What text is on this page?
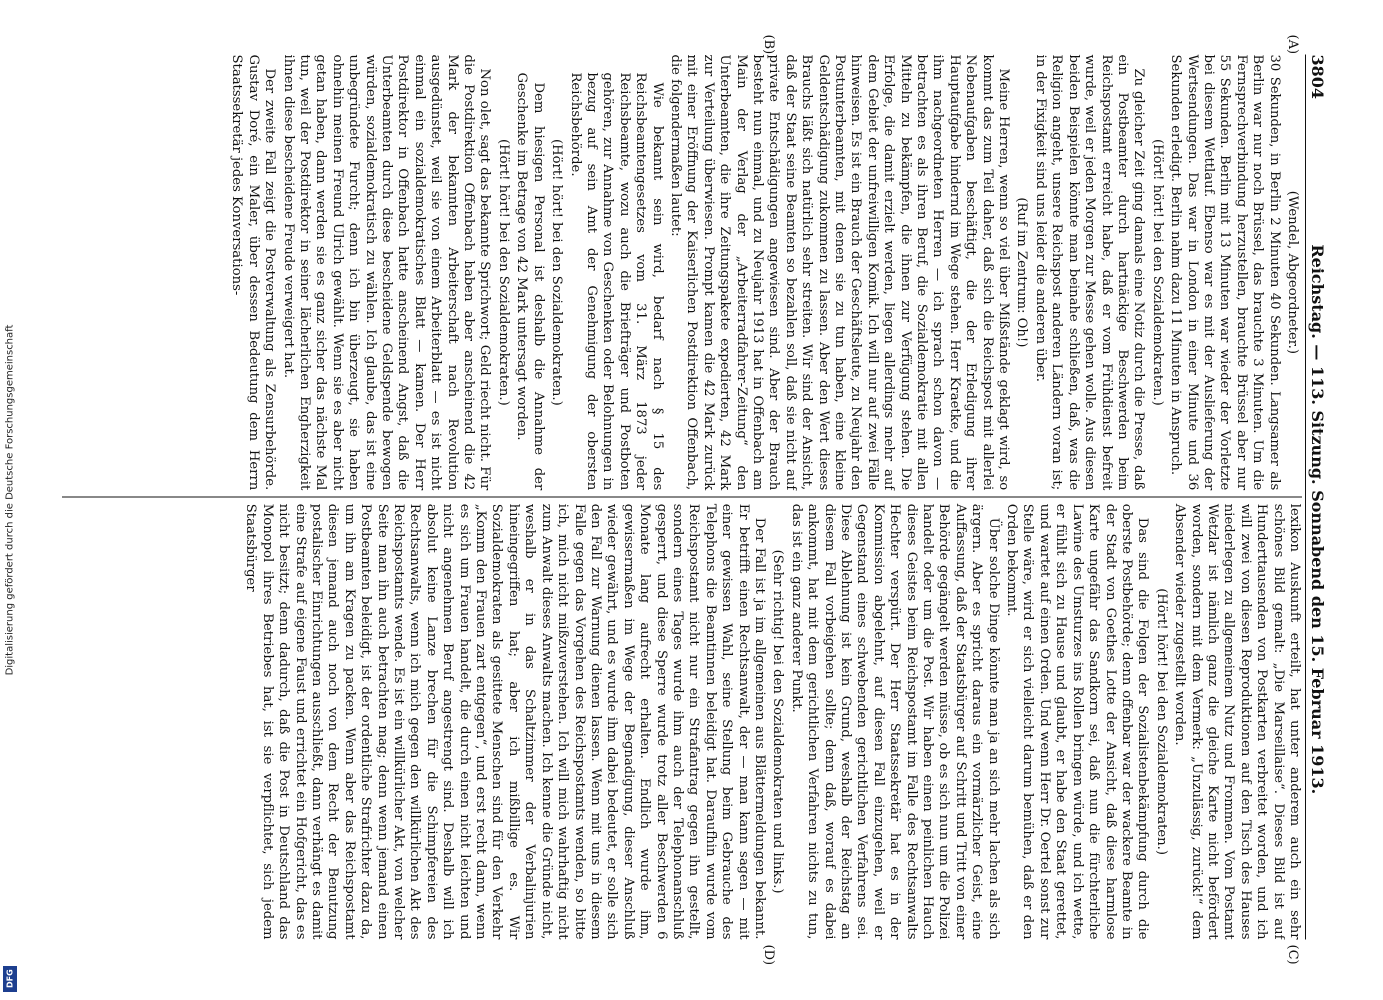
Digitalisierung gefördert durch die Deutsche Forschungsgemeinschaft
DFG
3804
Reichstag. — 113. Sitzung. Sonnabend den 15. Februar 1913.
(A)
(B)
(C)
(D)

(Wendel, Abgeordneter.)

30 Sekunden, in Berlin 2 Minuten 40 Sekunden. Langsamer als Berlin war nur noch Brüssel, das brauchte 3 Minuten. Um die Fernsprechverbindung herzustellen, brauchte Brüssel aber nur 55 Sekunden. Berlin mit 13 Minuten war wieder der Vorletzte bei diesem Wettlauf. Ebenso war es mit der Auslieferung der Wertsendungen. Das war in London in einer Minute und 36 Sekunden erledigt. Berlin nahm dazu 11 Minuten in Anspruch.

(Hört! hört! bei den Sozialdemokraten.)

Zu gleicher Zeit ging damals eine Notiz durch die Presse, daß ein Postbeamter durch hartnäckige Beschwerden beim Reichspostamt erreicht habe, daß er vom Frühdienst befreit wurde, weil er jeden Morgen zur Messe gehen wolle. Aus diesen beiden Beispielen könnte man beinahe schließen, daß, was die Religion angeht, unsere Reichspost anderen Ländern voran ist; in der Fixigkeit sind uns leider die anderen über.

(Ruf im Zentrum: Oh!)

Meine Herren, wenn so viel über Mißstände geklagt wird, so kommt das zum Teil daher, daß sich die Reichspost mit allerlei Nebenaufgaben beschäftigt, die der Erledigung ihrer Hauptaufgabe hindernd im Wege stehen. Herr Kraetke, und die ihm nachgeordneten Herren — ich sprach schon davon — betrachten es als ihren Beruf, die Sozialdemokratie mit allen Mitteln zu bekämpfen, die ihnen zur Verfügung stehen. Die Erfolge, die damit erzielt werden, liegen allerdings mehr auf dem Gebiet der unfreiwilligen Komik. Ich will nur auf zwei Fälle hinweisen. Es ist ein Brauch der Geschäftsleute, zu Neujahr den Postunterbeamten, mit denen sie zu tun haben, eine kleine Geldentschädigung zukommen zu lassen. Aber den Wert dieses Brauchs läßt sich natürlich sehr streiten. Wir sind der Ansicht, daß der Staat seine Beamten so bezahlen soll, daß sie nicht auf private Entschädigungen angewiesen sind. Aber der Brauch besteht nun einmal, und zu Neujahr 1913 hat in Offenbach am Main der Verlag der „Arbeiterradfahrer-Zeitung“ den Unterbeamten, die ihre Zeitungspakete expedierten, 42 Mark zur Verteilung überwiesen. Prompt kamen die 42 Mark zurück mit einer Eröffnung der Kaiserlichen Postdirektion Offenbach, die folgendermaßen lautet:

Wie bekannt sein wird, bedarf nach § 15 des Reichsbeamtengesetzes vom 31. März 1873 jeder Reichsbeamte, wozu auch die Briefträger und Postboten gehören, zur Annahme von Geschenken oder Belohnungen in bezug auf sein Amt der Genehmigung der obersten Reichsbehörde.

(Hört! hört! bei den Sozialdemokraten.)

Dem hiesigen Personal ist deshalb die Annahme der Geschenke im Betrage von 42 Mark untersagt worden.

(Hört! hört! bei den Sozialdemokraten.)

Non olet, sagt das bekannte Sprichwort; Geld riecht nicht. Für die Postdirektion Offenbach haben aber anscheinend die 42 Mark der bekannten Arbeiterschaft nach Revolution ausgedünstet, weil sie von einem Arbeiterblatt — es ist nicht einmal ein sozialdemokratisches Blatt — kamen. Der Herr Postdirektor in Offenbach hatte anscheinend Angst, daß die Unterbeamten durch diese bescheidene Geldspende bewogen würden, sozialdemokratisch zu wählen. Ich glaube, das ist eine unbegründete Furcht; denn ich bin überzeugt, sie haben ohnehin meinen Freund Ulrich gewählt. Wenn sie es aber nicht getan haben, dann werden sie es ganz sicher das nächste Mal tun, weil der Postdirektor in seiner lächerlichen Engherzigkeit ihnen diese bescheidene Freude verweigert hat.

Der zweite Fall zeigt die Postverwaltung als Zensurbehörde. Gustav Doré, ein Maler, über dessen Bedeutung dem Herrn Staatssekretär jedes Konversations-

lexikon Auskunft erteilt, hat unter anderem auch ein sehr schönes Bild gemalt: „Die Marseillaise“. Dieses Bild ist auf Hunderttausenden von Postkarten verbreitet worden, und ich will zwei von diesen Reproduktionen auf den Tisch des Hauses niederlegen zu allgemeinem Nutz und Frommen. Vom Postamt Wetzlar ist nämlich ganz die gleiche Karte nicht befördert worden, sondern mit dem Vermerk: „Unzulässig, zurück!“ dem Absender wieder zugestellt worden.

(Hört! hört! bei den Sozialdemokraten.)

Das sind die Folgen der Sozialistenbekämpfung durch die oberste Postbehörde; denn offenbar war der wackere Beamte in der Stadt von Goethes Lotte der Ansicht, daß diese harmlose Karte ungefähr das Sandkorn sei, daß nun die fürchterliche Lawine des Umsturzes ins Rollen bringen würde, und ich wette, er fühlt sich zu Hause und glaubt, er habe den Staat gerettet, und wartet auf einen Orden. Und wenn Herr Dr. Oertel sonst zur Stelle wäre, wird er sich vielleicht darum bemühen, daß er den Orden bekommt.

Über solche Dinge könnte man ja an sich mehr lachen als sich ärgern. Aber es spricht daraus ein vormärzlicher Geist, eine Auffassung, daß der Staatsbürger auf Schritt und Tritt von einer Behörde gegängelt werden müsse, ob es sich nun um die Polizei handelt oder um die Post. Wir haben einen peinlichen Hauch dieses Geistes beim Reichspostamt im Falle des Rechtsanwalts Hechter verspürt. Der Herr Staatssekretär hat es in der Kommission abgelehnt, auf diesen Fall einzugehen, weil er Gegenstand eines schwebenden gerichtlichen Verfahrens sei. Diese Ablehnung ist kein Grund, weshalb der Reichstag an diesem Fall vorbeigehen sollte; denn daß, worauf es dabei ankommt, hat mit dem gerichtlichen Verfahren nichts zu tun, das ist ein ganz anderer Punkt.

(Sehr richtig! bei den Sozialdemokraten und links.)

Der Fall ist ja im allgemeinen aus Blättermeldungen bekannt. Er betrifft einen Rechtsanwalt, der — man kann sagen — mit einer gewissen Wahl, seine Stellung beim Gebrauche des Telephons die Beamtinnen beleidigt hat. Daraufhin wurde vom Reichspostamt nicht nur ein Strafantrag gegen ihn gestellt, sondern eines Tages wurde ihm auch der Telephonanschluß gesperrt, und diese Sperre wurde trotz aller Beschwerden 6 Monate lang aufrecht erhalten. Endlich wurde ihm, gewissermaßen im Wege der Begnadigung, dieser Anschluß wieder gewährt, und es wurde ihm dabei bedeutet, er solle sich den Fall zur Warnung dienen lassen. Wenn mit uns in diesem Falle gegen das Vorgehen des Reichspostamts wenden, so bitte ich, mich nicht mißzuverstehen. Ich will mich wahrhaftig nicht zum Anwalt dieses Anwalts machen. Ich kenne die Gründe nicht, weshalb er in das Schaltzimmer der Verbalinjurien hineingegriffen hat; aber ich mißbillige es. Wir Sozialdemokraten als gesittete Menschen sind für den Verkehr „Komm den Frauen zart entgegen“, und erst recht dann, wenn es sich um Frauen handelt, die durch einen nicht leichten und nicht angenehmen Beruf angestrengt sind. Deshalb will ich absolut keine Lanze brechen für die Schimpfereien des Rechtsanwalts, wenn ich mich gegen den willkürlichen Akt des Reichspostamts wende. Es ist ein willkürlicher Akt, von welcher Seite man ihn auch betrachten mag; denn wenn jemand einen Postbeamten beleidigt, ist der ordentliche Strafrichter dazu da, um ihn am Kragen zu packen. Wenn aber das Reichspostamt diesen jemand auch noch von dem Recht der Benutzung postalischer Einrichtungen ausschließt, dann verhängt es damit eine Strafe auf eigene Faust und errichtet ein Hofgericht, das es nicht besitzt; denn dadurch, daß die Post in Deutschland das Monopol ihres Betriebes hat, ist sie verpflichtet, sich jedem Staatsbürger
